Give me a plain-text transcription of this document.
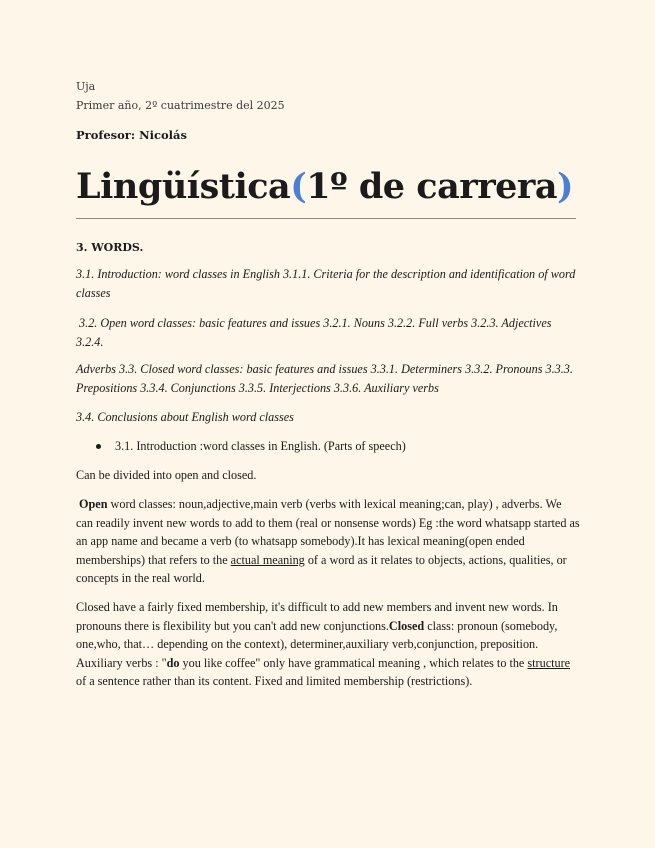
Uja
Primer año, 2º cuatrimestre del 2025
Profesor: Nicolás
Lingüística(1º de carrera)
3. WORDS.
3.1. Introduction: word classes in English 3.1.1. Criteria for the description and identification of word classes
3.2. Open word classes: basic features and issues 3.2.1. Nouns 3.2.2. Full verbs 3.2.3. Adjectives 3.2.4.
Adverbs 3.3. Closed word classes: basic features and issues 3.3.1. Determiners 3.3.2. Pronouns 3.3.3. Prepositions 3.3.4. Conjunctions 3.3.5. Interjections 3.3.6. Auxiliary verbs
3.4. Conclusions about English word classes
3.1. Introduction :word classes in English. (Parts of speech)
Can be divided into open and closed.
Open word classes: noun,adjective,main verb (verbs with lexical meaning;can, play) , adverbs. We can readily invent new words to add to them (real or nonsense words) Eg :the word whatsapp started as an app name and became a verb (to whatsapp somebody).It has lexical meaning(open ended memberships) that refers to the actual meaning of a word as it relates to objects, actions, qualities, or concepts in the real world.
Closed have a fairly fixed membership, it's difficult to add new members and invent new words. In pronouns there is flexibility but you can't add new conjunctions.Closed class: pronoun (somebody, one,who, that… depending on the context), determiner,auxiliary verb,conjunction, preposition. Auxiliary verbs : "do you like coffee" only have grammatical meaning , which relates to the structure of a sentence rather than its content. Fixed and limited membership (restrictions).
